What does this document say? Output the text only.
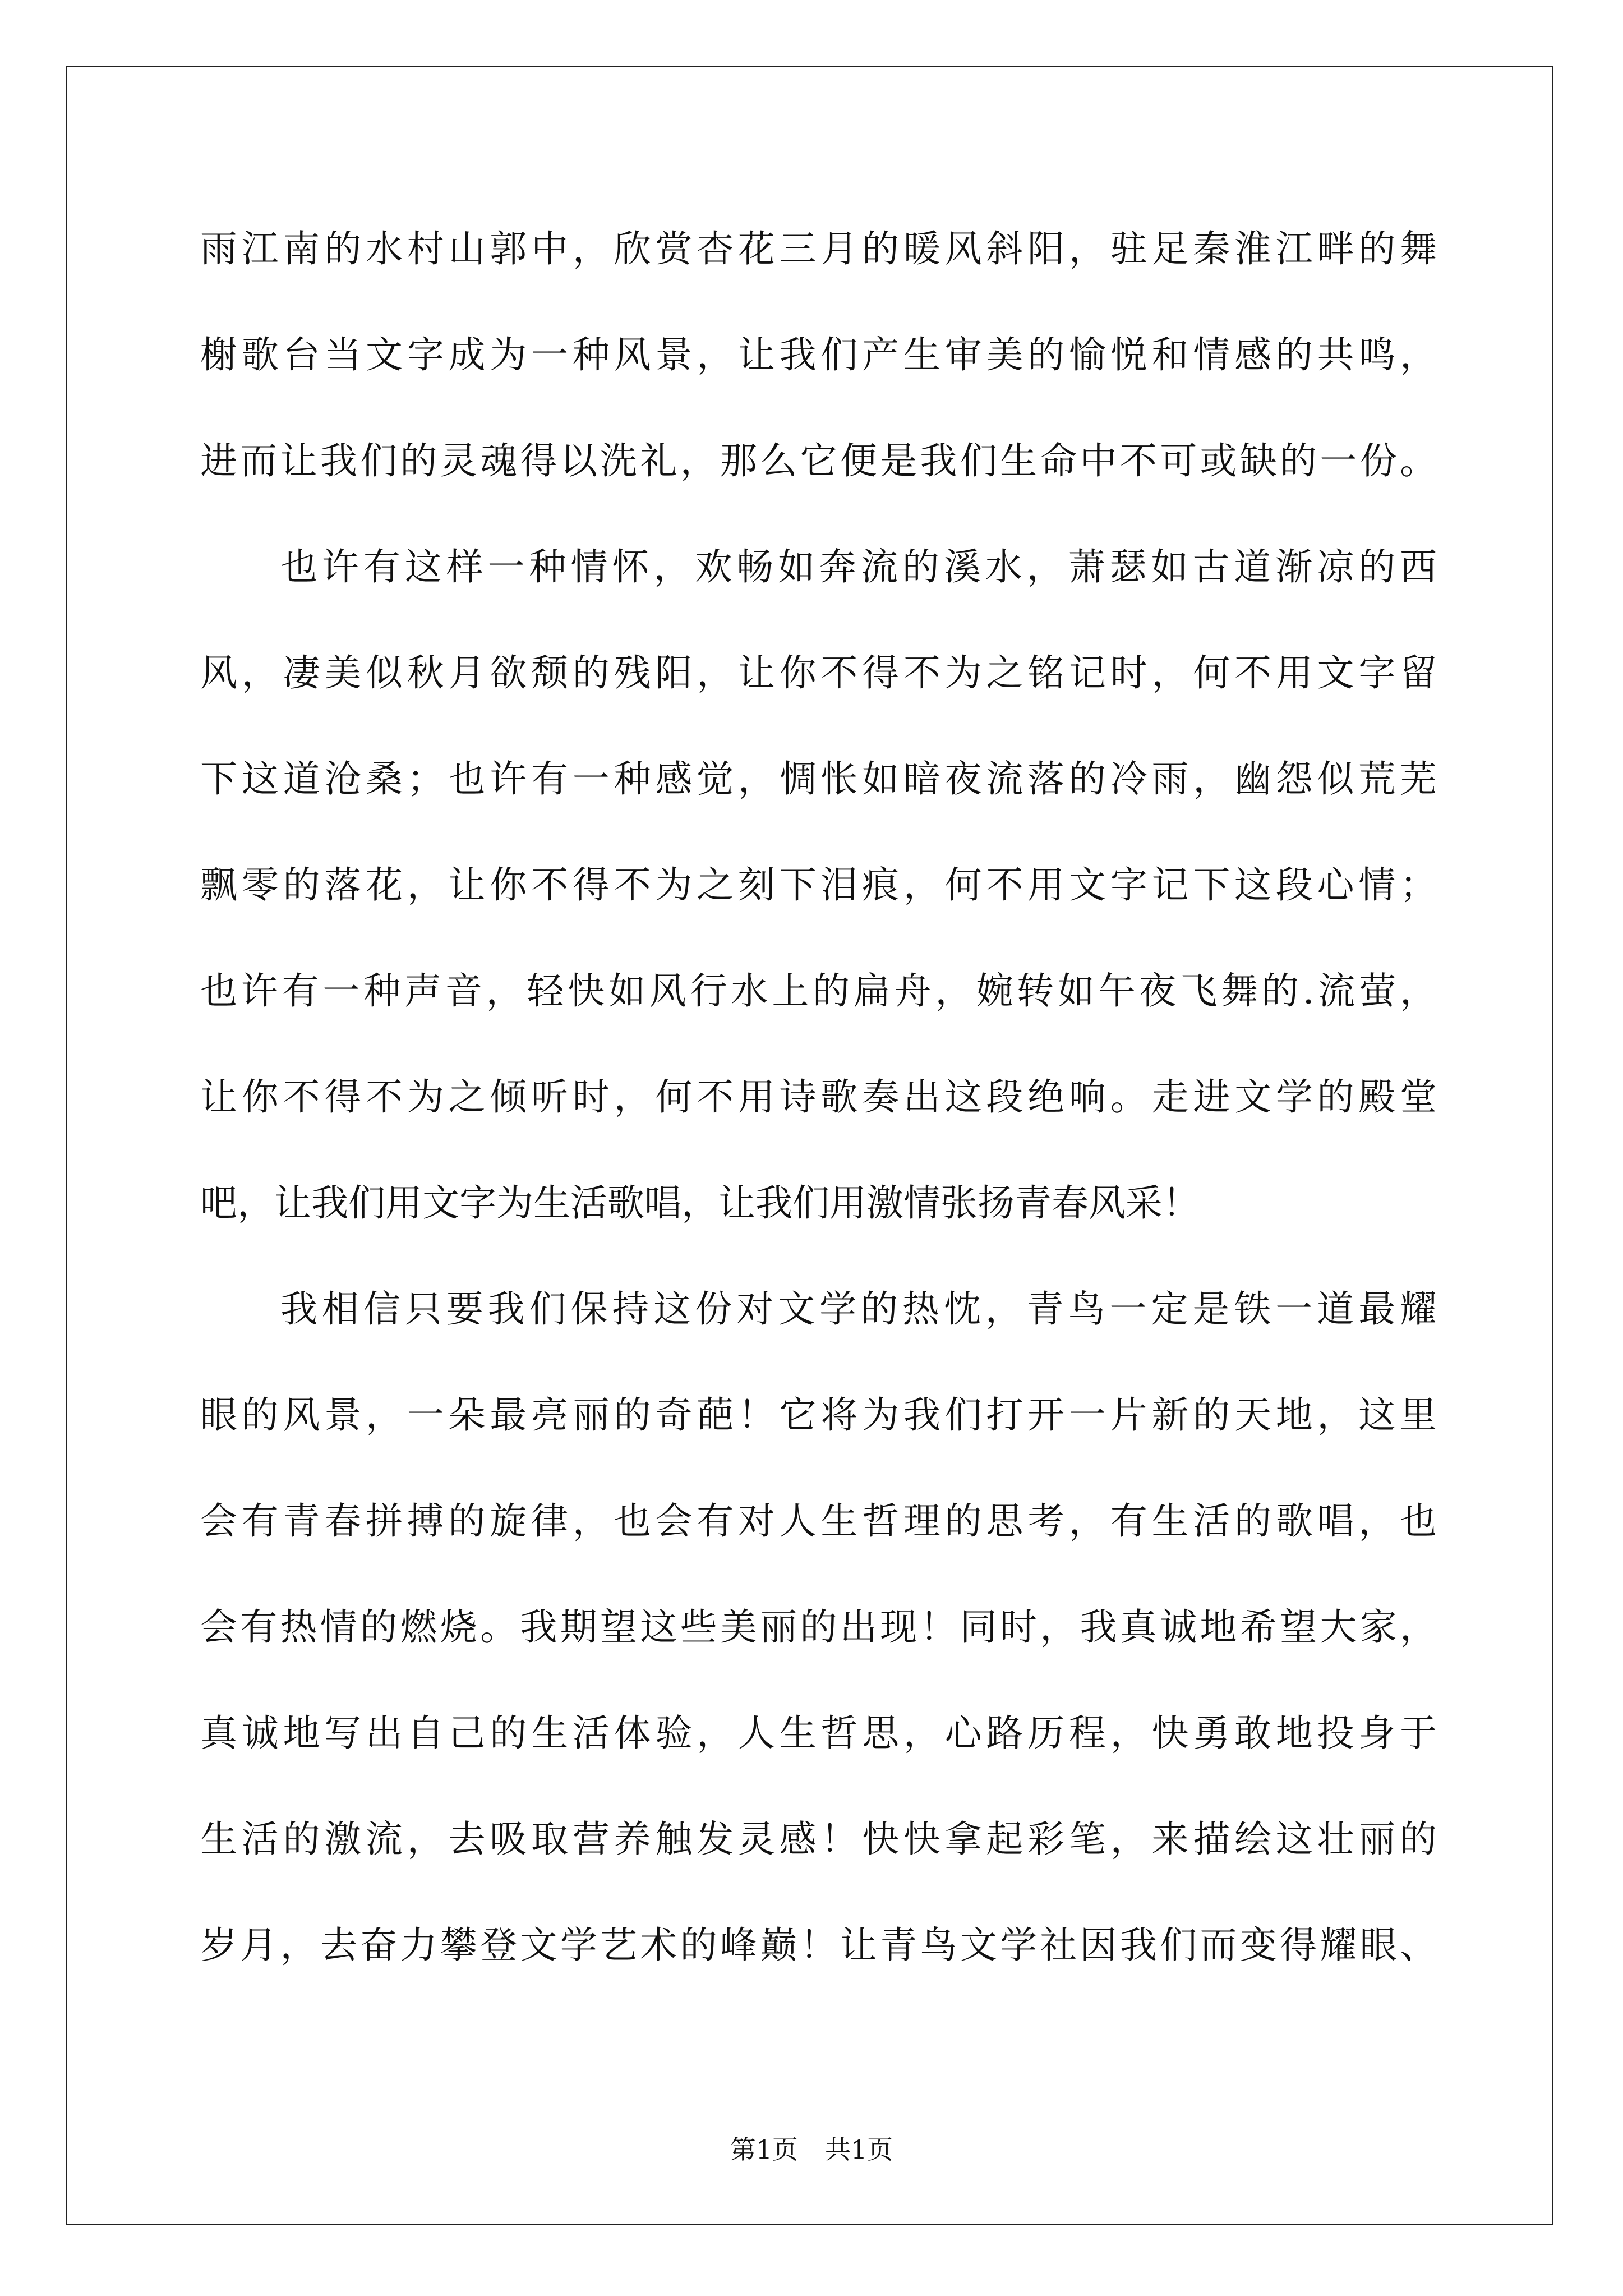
雨江南的水村山郭中，欣赏杏花三月的暖风斜阳，驻足秦淮江畔的舞
榭歌台当文字成为一种风景，让我们产生审美的愉悦和情感的共鸣，
进而让我们的灵魂得以洗礼，那么它便是我们生命中不可或缺的一份。
也许有这样一种情怀，欢畅如奔流的溪水，萧瑟如古道渐凉的西
风，凄美似秋月欲颓的残阳，让你不得不为之铭记时，何不用文字留
下这道沧桑；也许有一种感觉，惆怅如暗夜流落的冷雨，幽怨似荒芜
飘零的落花，让你不得不为之刻下泪痕，何不用文字记下这段心情；
也许有一种声音，轻快如风行水上的扁舟，婉转如午夜飞舞的.流萤，
让你不得不为之倾听时，何不用诗歌奏出这段绝响。走进文学的殿堂
吧，让我们用文字为生活歌唱，让我们用激情张扬青春风采！
我相信只要我们保持这份对文学的热忱，青鸟一定是铁一道最耀
眼的风景，一朵最亮丽的奇葩！它将为我们打开一片新的天地，这里
会有青春拼搏的旋律，也会有对人生哲理的思考，有生活的歌唱，也
会有热情的燃烧。我期望这些美丽的出现！同时，我真诚地希望大家，
真诚地写出自己的生活体验，人生哲思，心路历程，快勇敢地投身于
生活的激流，去吸取营养触发灵感！快快拿起彩笔，来描绘这壮丽的
岁月，去奋力攀登文学艺术的峰巅！让青鸟文学社因我们而变得耀眼、
第1页 共1页
